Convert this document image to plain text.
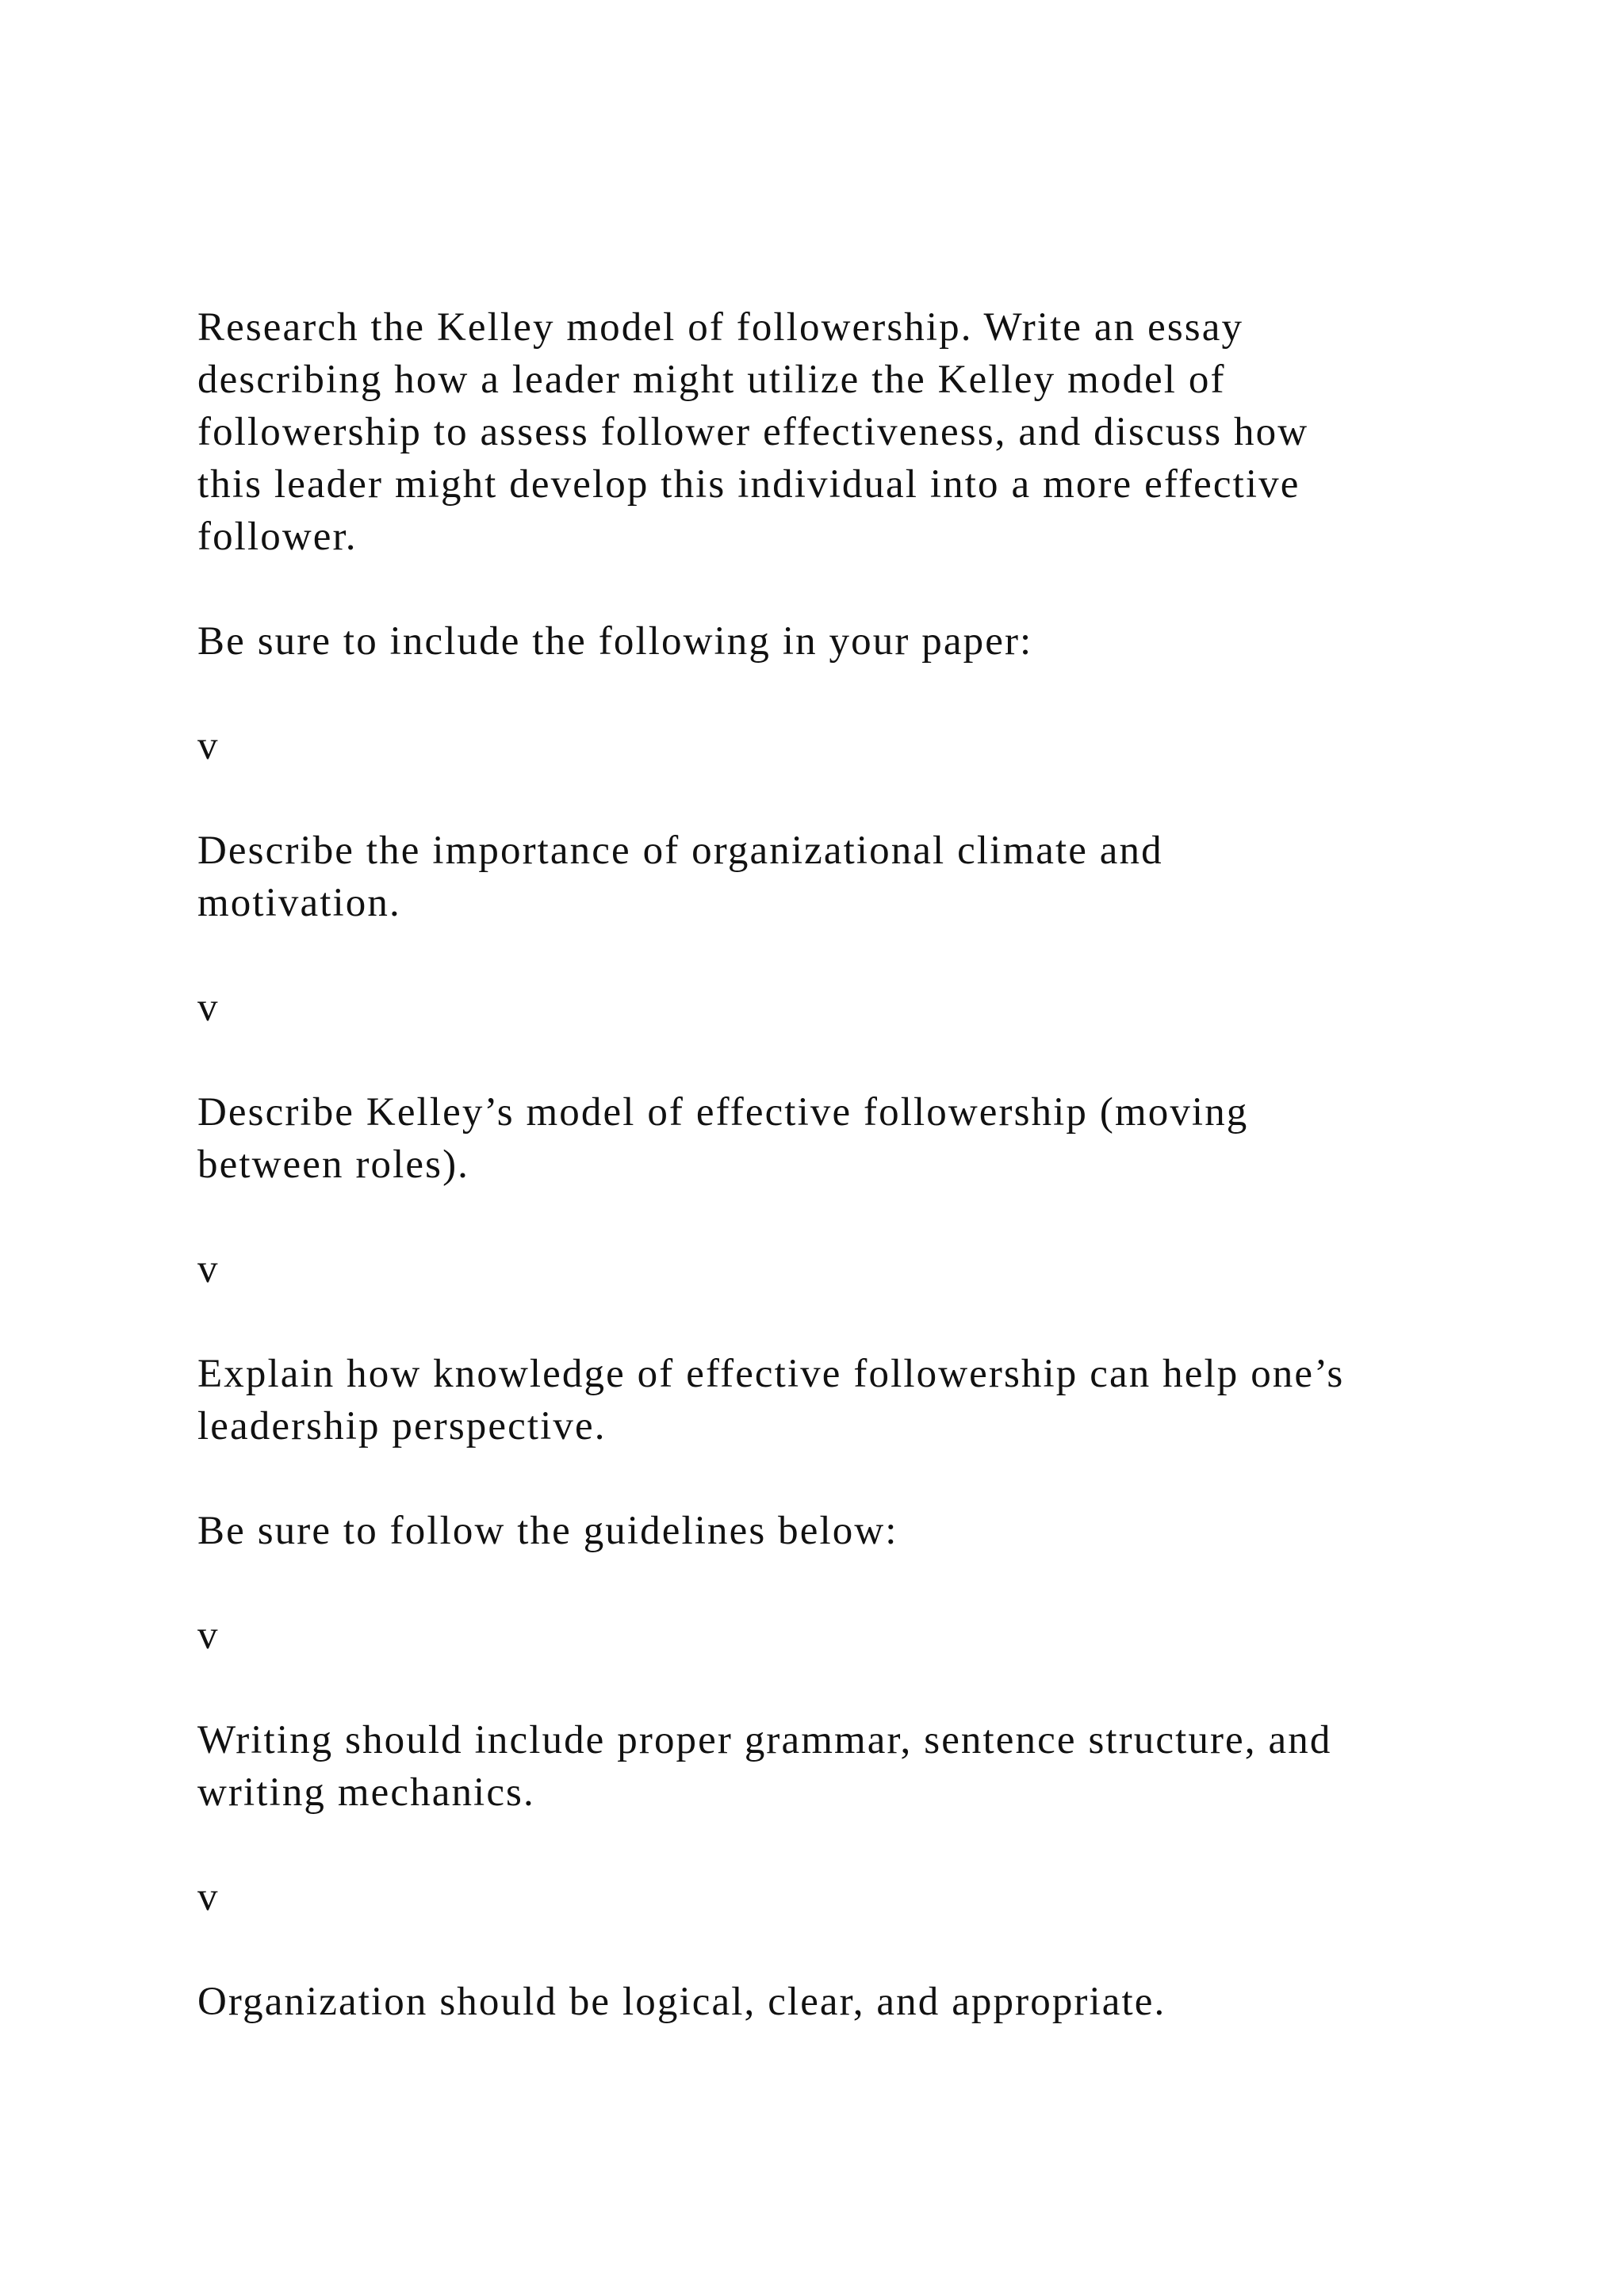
Research the Kelley model of followership. Write an essay
describing how a leader might utilize the Kelley model of
followership to assess follower effectiveness, and discuss how
this leader might develop this individual into a more effective
follower.

Be sure to include the following in your paper:

v

Describe the importance of organizational climate and
motivation.

v

Describe Kelley’s model of effective followership (moving
between roles).

v

Explain how knowledge of effective followership can help one’s
leadership perspective.

Be sure to follow the guidelines below:

v

Writing should include proper grammar, sentence structure, and
writing mechanics.

v

Organization should be logical, clear, and appropriate.
